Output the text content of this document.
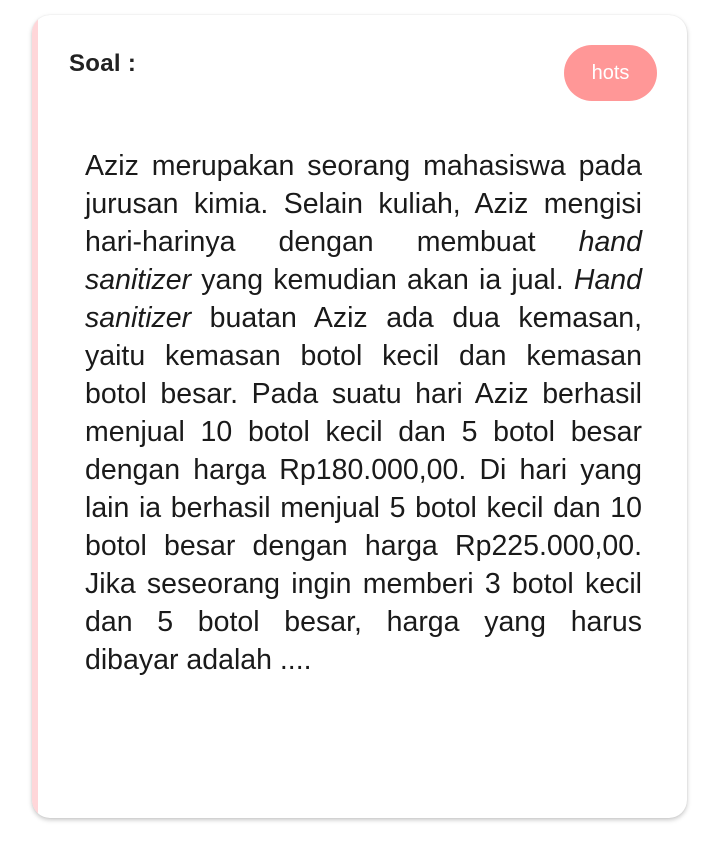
Soal :	hots

Aziz merupakan seorang mahasiswa pada jurusan kimia. Selain kuliah, Aziz mengisi hari-harinya dengan membuat hand sanitizer yang kemudian akan ia jual. Hand sanitizer buatan Aziz ada dua kemasan, yaitu kemasan botol kecil dan kemasan botol besar. Pada suatu hari Aziz berhasil menjual 10 botol kecil dan 5 botol besar dengan harga Rp180.000,00. Di hari yang lain ia berhasil menjual 5 botol kecil dan 10 botol besar dengan harga Rp225.000,00. Jika seseorang ingin memberi 3 botol kecil dan 5 botol besar, harga yang harus dibayar adalah ....
